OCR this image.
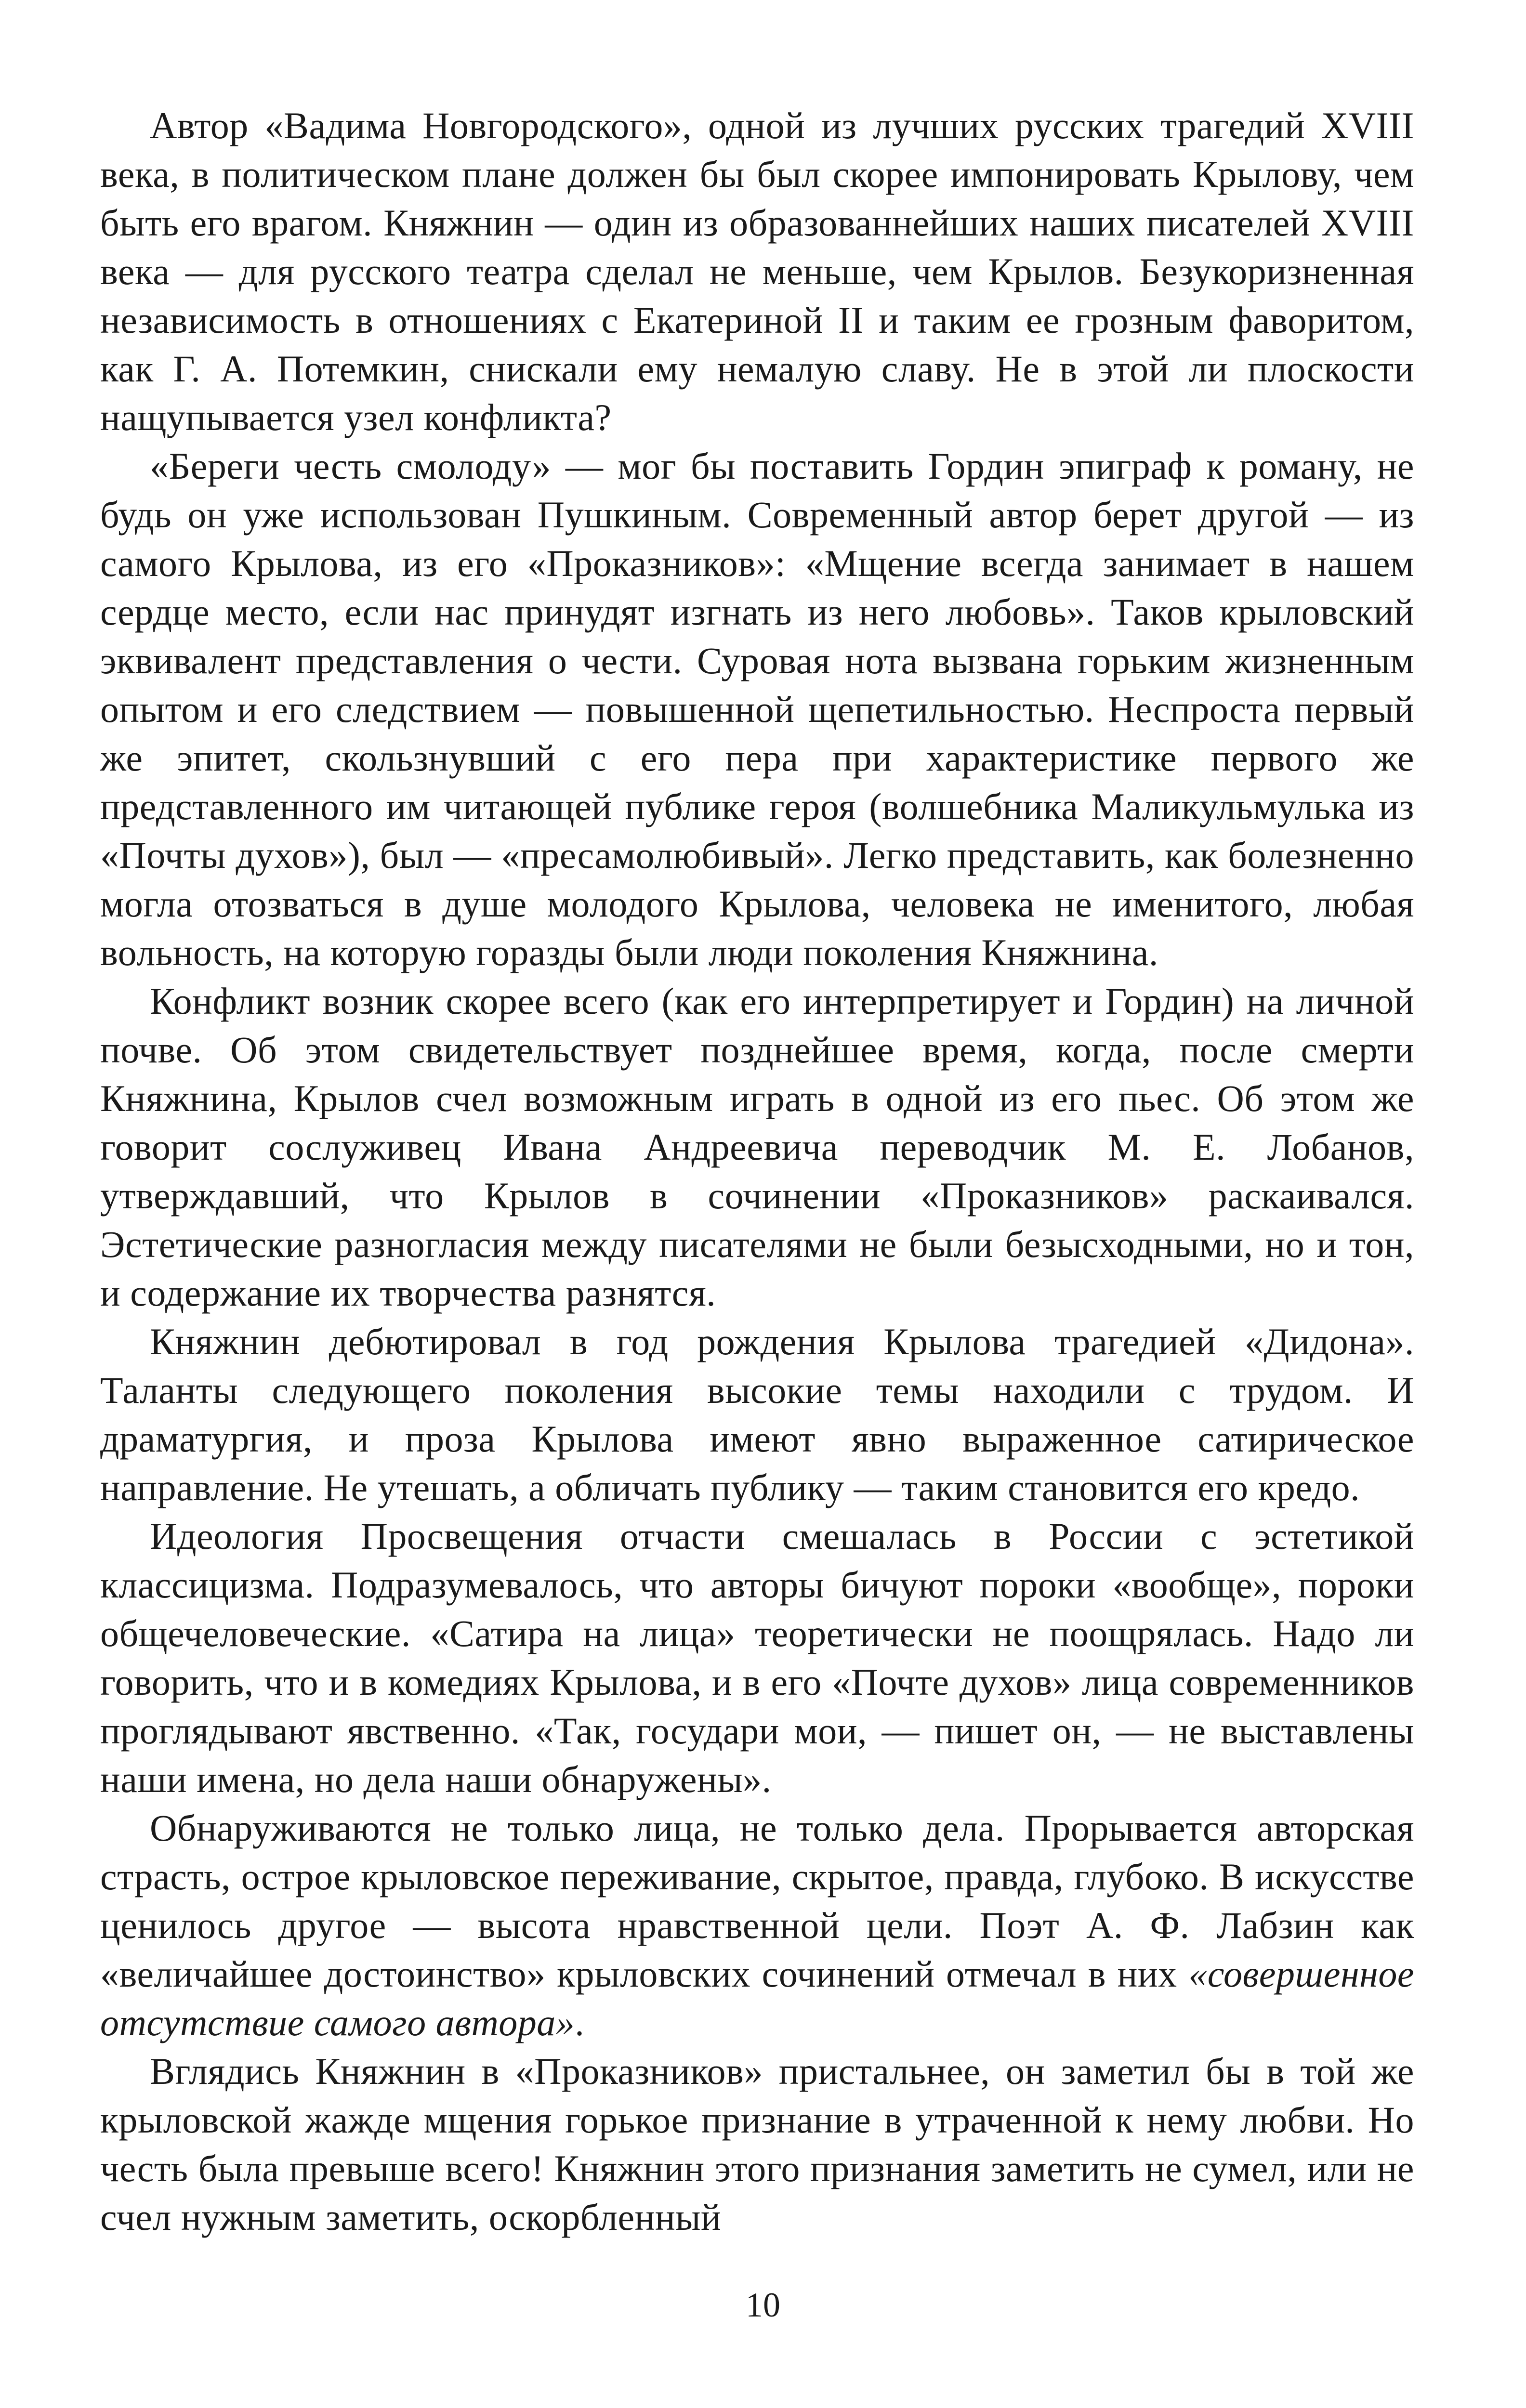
Автор «Вадима Новгородского», одной из лучших русских трагедий XVIII века, в политическом плане должен бы был скорее импонировать Крылову, чем быть его врагом. Княжнин — один из образованнейших наших писателей XVIII века — для русского театра сделал не меньше, чем Крылов. Безукоризненная независимость в отношениях с Екатериной II и таким ее грозным фаворитом, как Г. А. Потемкин, снискали ему немалую славу. Не в этой ли плоскости нащупывается узел конфликта?

«Береги честь смолоду» — мог бы поставить Гордин эпиграф к роману, не будь он уже использован Пушкиным. Современный автор берет другой — из самого Крылова, из его «Проказников»: «Мщение всегда занимает в нашем сердце место, если нас принудят изгнать из него любовь». Таков крыловский эквивалент представления о чести. Суровая нота вызвана горьким жизненным опытом и его следствием — повышенной щепетильностью. Неспроста первый же эпитет, скользнувший с его пера при характеристике первого же представленного им читающей публике героя (волшебника Маликульмулька из «Почты духов»), был — «пресамолюбивый». Легко представить, как болезненно могла отозваться в душе молодого Крылова, человека не именитого, любая вольность, на которую горазды были люди поколения Княжнина.

Конфликт возник скорее всего (как его интерпретирует и Гордин) на личной почве. Об этом свидетельствует позднейшее время, когда, после смерти Княжнина, Крылов счел возможным играть в одной из его пьес. Об этом же говорит сослуживец Ивана Андреевича переводчик М. Е. Лобанов, утверждавший, что Крылов в сочинении «Проказников» раскаивался. Эстетические разногласия между писателями не были безысходными, но и тон, и содержание их творчества разнятся.

Княжнин дебютировал в год рождения Крылова трагедией «Дидона». Таланты следующего поколения высокие темы находили с трудом. И драматургия, и проза Крылова имеют явно выраженное сатирическое направление. Не утешать, а обличать публику — таким становится его кредо.

Идеология Просвещения отчасти смешалась в России с эстетикой классицизма. Подразумевалось, что авторы бичуют пороки «вообще», пороки общечеловеческие. «Сатира на лица» теоретически не поощрялась. Надо ли говорить, что и в комедиях Крылова, и в его «Почте духов» лица современников проглядывают явственно. «Так, государи мои, — пишет он, — не выставлены наши имена, но дела наши обнаружены».

Обнаруживаются не только лица, не только дела. Прорывается авторская страсть, острое крыловское переживание, скрытое, правда, глубоко. В искусстве ценилось другое — высота нравственной цели. Поэт А. Ф. Лабзин как «величайшее достоинство» крыловских сочинений отмечал в них «совершенное отсутствие самого автора».

Вглядись Княжнин в «Проказников» пристальнее, он заметил бы в той же крыловской жажде мщения горькое признание в утраченной к нему любви. Но честь была превыше всего! Княжнин этого признания заметить не сумел, или не счел нужным заметить, оскорбленный

10
